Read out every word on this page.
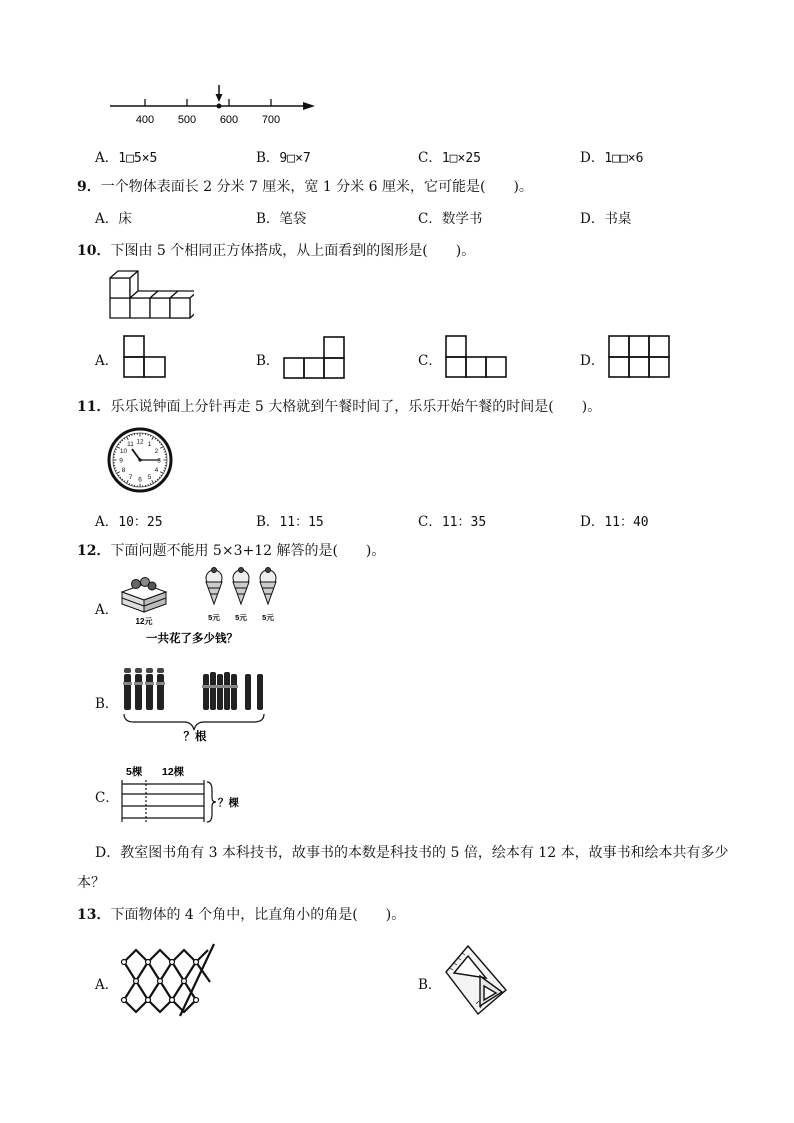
400 500 600 700
A．1□5×5	B．9□×7	C．1□×25	D．1□□×6
9．一个物体表面长 2 分米 7 厘米，宽 1 分米 6 厘米，它可能是(　　)。
A．床	B．笔袋	C．数学书	D．书桌
10．下图由 5 个相同正方体搭成，从上面看到的图形是(　　)。
A．	B．	C．	D．
11．乐乐说钟面上分针再走 5 大格就到午餐时间了，乐乐开始午餐的时间是(　　)。
12 1
2
3
4
5
6
7
8
9
10
11
A．10：25	B．11：15	C．11：35	D．11：40
12．下面问题不能用 5×3+12 解答的是(　　)。
A．
12元	5元 5元 5元
一共花了多少钱？
B．
？根
C．
5棵 12棵
？棵
D．教室图书角有 3 本科技书，故事书的本数是科技书的 5 倍，绘本有 12 本，故事书和绘本共有多少
本？
13．下面物体的 4 个角中，比直角小的角是(　　)。
A．	B．
